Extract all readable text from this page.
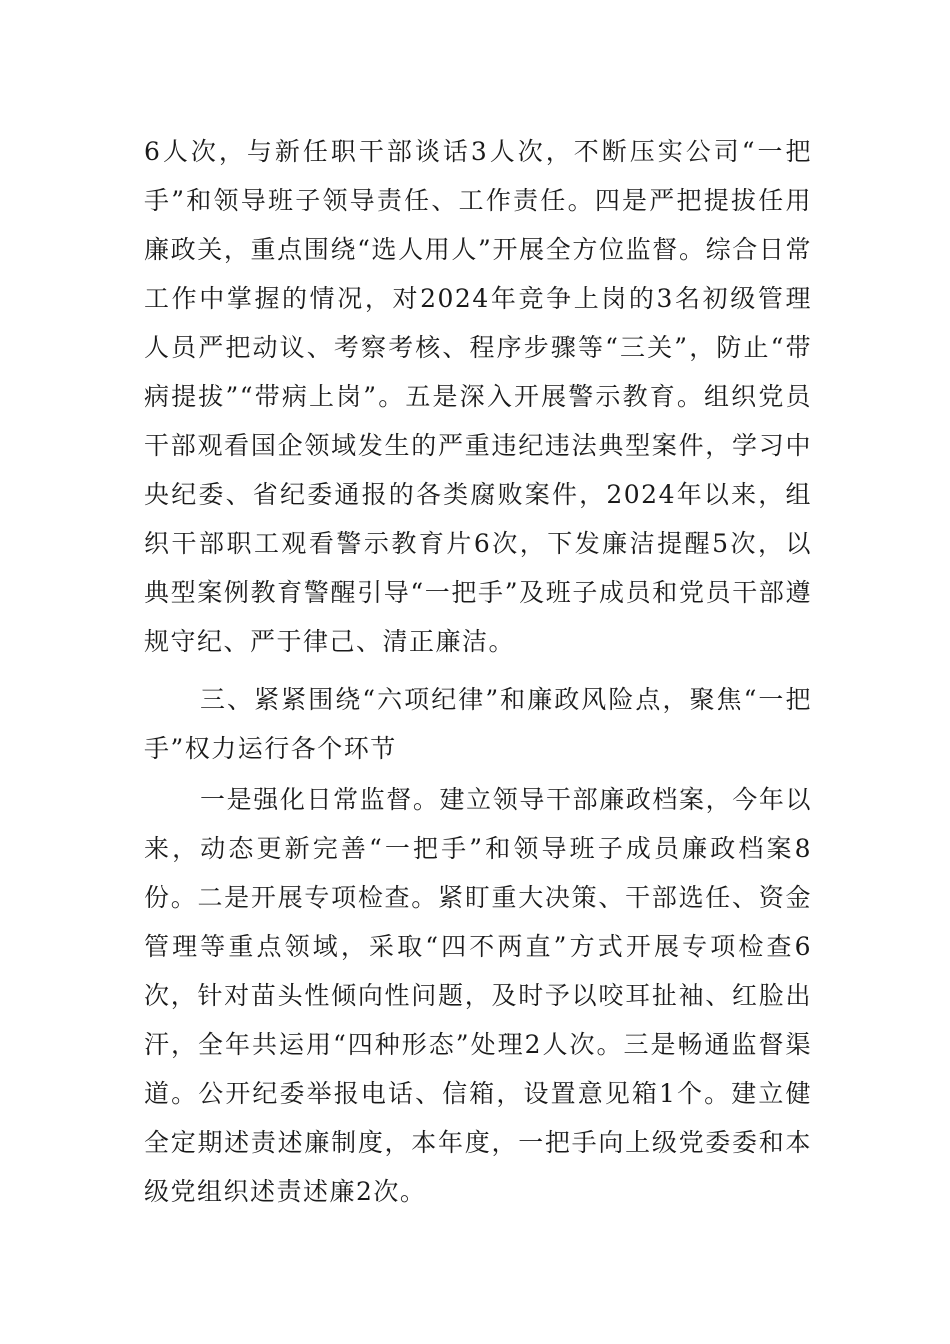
6人次，与新任职干部谈话3人次，不断压实公司“一把手”和领导班子领导责任、工作责任。四是严把提拔任用廉政关，重点围绕“选人用人”开展全方位监督。综合日常工作中掌握的情况，对2024年竞争上岗的3名初级管理人员严把动议、考察考核、程序步骤等“三关”，防止“带病提拔”“带病上岗”。五是深入开展警示教育。组织党员干部观看国企领域发生的严重违纪违法典型案件，学习中央纪委、省纪委通报的各类腐败案件，2024年以来，组织干部职工观看警示教育片6次，下发廉洁提醒5次，以典型案例教育警醒引导“一把手”及班子成员和党员干部遵规守纪、严于律己、清正廉洁。

三、紧紧围绕“六项纪律”和廉政风险点，聚焦“一把手”权力运行各个环节

一是强化日常监督。建立领导干部廉政档案，今年以来，动态更新完善“一把手”和领导班子成员廉政档案8份。二是开展专项检查。紧盯重大决策、干部选任、资金管理等重点领域，采取“四不两直”方式开展专项检查6次，针对苗头性倾向性问题，及时予以咬耳扯袖、红脸出汗，全年共运用“四种形态”处理2人次。三是畅通监督渠道。公开纪委举报电话、信箱，设置意见箱1个。建立健全定期述责述廉制度，本年度，一把手向上级党委委和本级党组织述责述廉2次。
